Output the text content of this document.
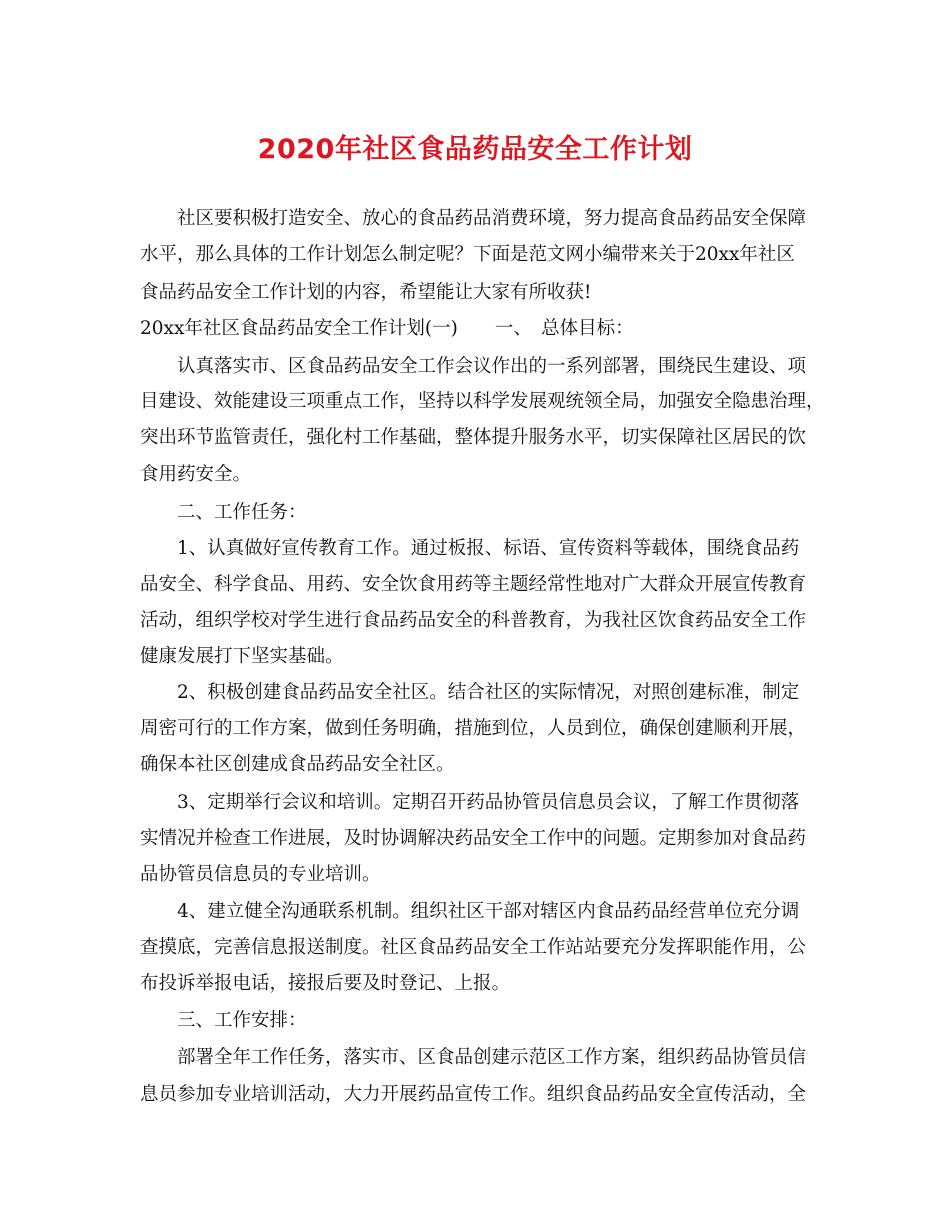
2020年社区食品药品安全工作计划
　　社区要积极打造安全、放心的食品药品消费环境，努力提高食品药品安全保障
水平，那么具体的工作计划怎么制定呢？下面是范文网小编带来关于20xx年社区
食品药品安全工作计划的内容，希望能让大家有所收获!
20xx年社区食品药品安全工作计划(一)　　一、　总体目标：
　　认真落实市、区食品药品安全工作会议作出的一系列部署，围绕民生建设、项
目建设、效能建设三项重点工作，坚持以科学发展观统领全局，加强安全隐患治理，
突出环节监管责任，强化村工作基础，整体提升服务水平，切实保障社区居民的饮
食用药安全。
　　二、工作任务：
　　1、认真做好宣传教育工作。通过板报、标语、宣传资料等载体，围绕食品药
品安全、科学食品、用药、安全饮食用药等主题经常性地对广大群众开展宣传教育
活动，组织学校对学生进行食品药品安全的科普教育，为我社区饮食药品安全工作
健康发展打下坚实基础。
　　2、积极创建食品药品安全社区。结合社区的实际情况，对照创建标准，制定
周密可行的工作方案，做到任务明确，措施到位，人员到位，确保创建顺利开展，
确保本社区创建成食品药品安全社区。
　　3、定期举行会议和培训。定期召开药品协管员信息员会议，了解工作贯彻落
实情况并检查工作进展，及时协调解决药品安全工作中的问题。定期参加对食品药
品协管员信息员的专业培训。
　　4、建立健全沟通联系机制。组织社区干部对辖区内食品药品经营单位充分调
查摸底，完善信息报送制度。社区食品药品安全工作站站要充分发挥职能作用，公
布投诉举报电话，接报后要及时登记、上报。
　　三、工作安排：
　　部署全年工作任务，落实市、区食品创建示范区工作方案，组织药品协管员信
息员参加专业培训活动，大力开展药品宣传工作。组织食品药品安全宣传活动，全
